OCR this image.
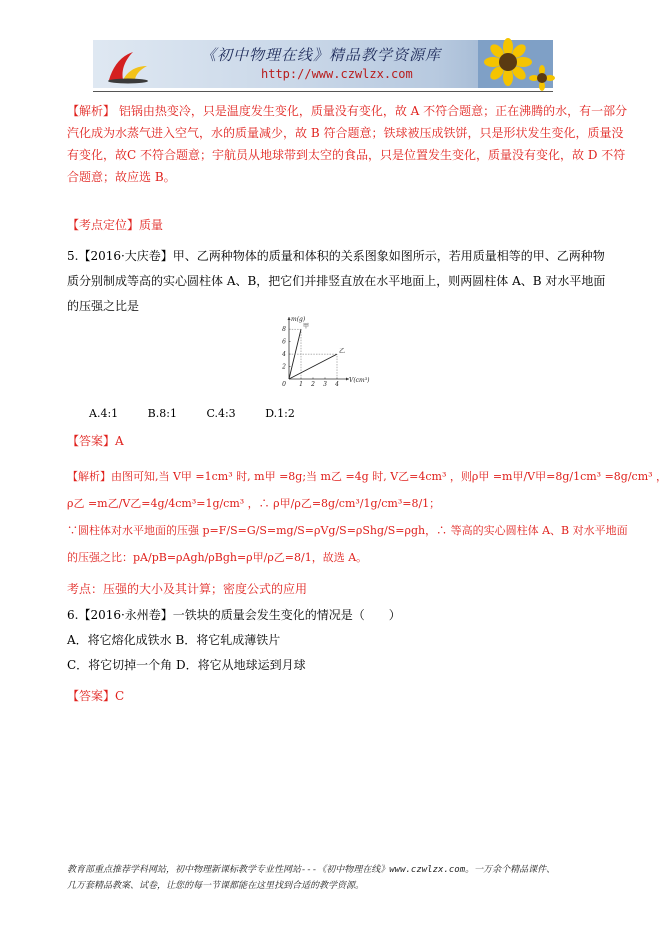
《初中物理在线》精品教学资源库
http://www.czwlzx.com
【解析】 铝锅由热变冷，只是温度发生变化，质量没有变化，故 A 不符合题意；正在沸腾的水，有一部分
汽化成为水蒸气进入空气，水的质量减少，故 B 符合题意；铁球被压成铁饼，只是形状发生变化，质量没
有变化，故C 不符合题意；宇航员从地球带到太空的食品，只是位置发生变化，质量没有变化，故 D 不符
合题意；故应选 B。
【考点定位】质量
5.【2016·大庆卷】甲、乙两种物体的质量和体积的关系图象如图所示，若用质量相等的甲、乙两种物
质分别制成等高的实心圆柱体 A、B，把它们并排竖直放在水平地面上，则两圆柱体 A、B 对水平地面
的压强之比是
1 2 3 4
2
4
6
8
0
m(g)
V(cm³)
甲
乙
A.4:1	B.8:1	C.4:3	D.1:2
【答案】A
【解析】由图可知,当 V甲 =1cm³ 时, m甲 =8g;当 m乙 =4g 时, V乙=4cm³ ，则ρ甲 =m甲/V甲=8g/1cm³ =8g/cm³ ，
ρ乙 =m乙/V乙=4g/4cm³=1g/cm³ ，∴ ρ甲/ρ乙=8g/cm³/1g/cm³=8/1；
∵圆柱体对水平地面的压强 p=F/S=G/S=mg/S=ρVg/S=ρShg/S=ρgh，∴ 等高的实心圆柱体 A、B 对水平地面
的压强之比：pA/pB=ρAgh/ρBgh=ρ甲/ρ乙=8/1，故选 A。
考点：压强的大小及其计算；密度公式的应用
6.【2016·永州卷】一铁块的质量会发生变化的情况是（　　）
A．将它熔化成铁水 B．将它轧成薄铁片
C．将它切掉一个角 D．将它从地球运到月球
【答案】C
教育部重点推荐学科网站，初中物理新课标教学专业性网站---《初中物理在线》www.czwlzx.com。一万余个精品课件、
几万套精品教案、试卷，让您的每一节课都能在这里找到合适的教学资源。
